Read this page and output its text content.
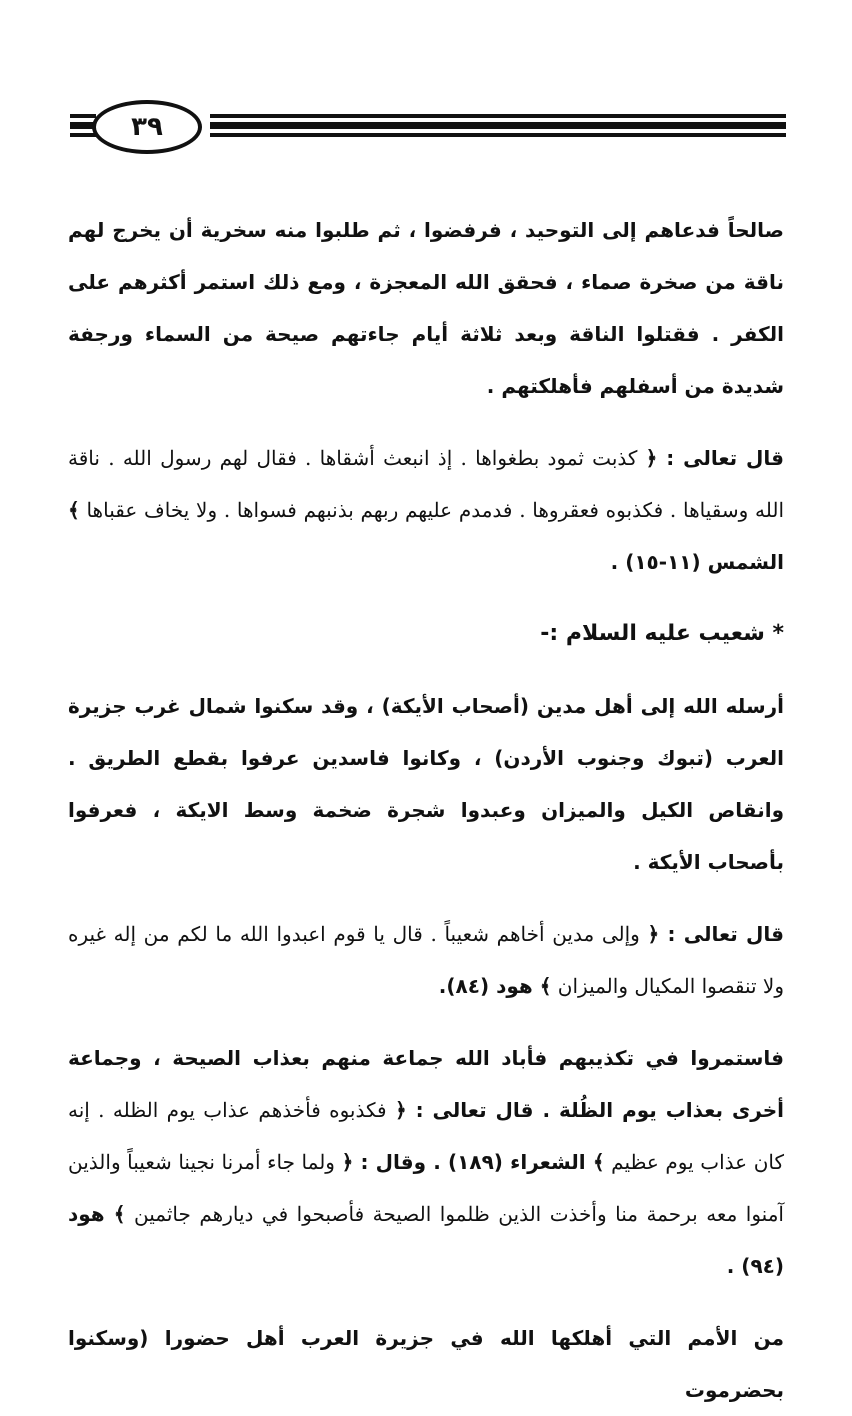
٣٩

صالحاً فدعاهم إلى التوحيد ، فرفضوا ، ثم طلبوا منه سخرية أن يخرج لهم ناقة من صخرة صماء ، فحقق الله المعجزة ، ومع ذلك استمر أكثرهم على الكفر . فقتلوا الناقة وبعد ثلاثة أيام جاءتهم صيحة من السماء ورجفة شديدة من أسفلهم فأهلكتهم .

قال تعالى : ﴿ كذبت ثمود بطغواها . إذ انبعث أشقاها . فقال لهم رسول الله . ناقة الله وسقياها . فكذبوه فعقروها . فدمدم عليهم ربهم بذنبهم فسواها . ولا يخاف عقباها ﴾ الشمس (١١-١٥) .

* شعيب عليه السلام :-

أرسله الله إلى أهل مدين (أصحاب الأيكة) ، وقد سكنوا شمال غرب جزيرة العرب (تبوك وجنوب الأردن) ، وكانوا فاسدين عرفوا بقطع الطريق . وانقاص الكيل والميزان وعبدوا شجرة ضخمة وسط الايكة ، فعرفوا بأصحاب الأيكة .

قال تعالى : ﴿ وإلى مدين أخاهم شعيباً . قال يا قوم اعبدوا الله ما لكم من إله غيره ولا تنقصوا المكيال والميزان ﴾ هود (٨٤).

فاستمروا في تكذيبهم فأباد الله جماعة منهم بعذاب الصيحة ، وجماعة أخرى بعذاب يوم الظُلة . قال تعالى : ﴿ فكذبوه فأخذهم عذاب يوم الظله . إنه كان عذاب يوم عظيم ﴾ الشعراء (١٨٩) . وقال : ﴿ ولما جاء أمرنا نجينا شعيباً والذين آمنوا معه برحمة منا وأخذت الذين ظلموا الصيحة فأصبحوا في ديارهم جاثمين ﴾ هود (٩٤) .

من الأمم التي أهلكها الله في جزيرة العرب أهل حضورا (وسكنوا بحضرموت
